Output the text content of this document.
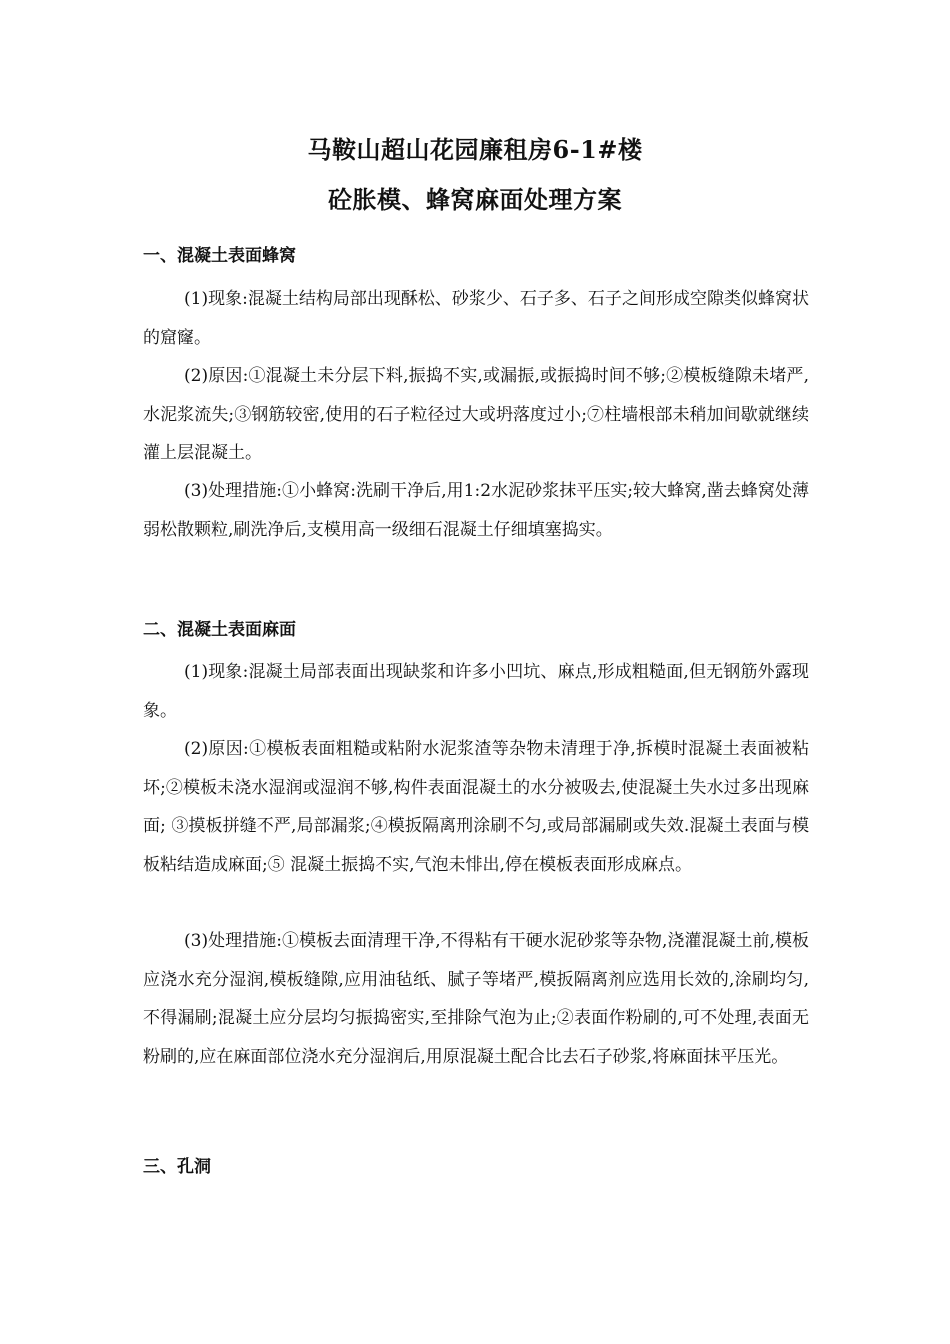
马鞍山超山花园廉租房6-1#楼
砼胀模、蜂窝麻面处理方案
一、混凝土表面蜂窝

(1)现象:混凝土结构局部出现酥松、砂浆少、石子多、石子之间形成空隙类似蜂窝状的窟窿。

(2)原因:①混凝土未分层下料,振捣不实,或漏振,或振捣时间不够;②模板缝隙未堵严,水泥浆流失;③钢筋较密,使用的石子粒径过大或坍落度过小;⑦柱墙根部未稍加间歇就继续灌上层混凝土。

(3)处理措施:①小蜂窝:洗刷干净后,用1:2水泥砂浆抹平压实;较大蜂窝,凿去蜂窝处薄弱松散颗粒,刷洗净后,支模用高一级细石混凝土仔细填塞捣实。

二、混凝土表面麻面

(1)现象:混凝土局部表面出现缺浆和许多小凹坑、麻点,形成粗糙面,但无钢筋外露现象。

(2)原因:①模板表面粗糙或粘附水泥浆渣等杂物未清理于净,拆模时混凝土表面被粘坏;②模板未浇水湿润或湿润不够,构件表面混凝土的水分被吸去,使混凝土失水过多出现麻面; ③摸板拼缝不严,局部漏浆;④模扳隔离刑涂刷不匀,或局部漏刷或失效.混凝土表面与模板粘结造成麻面;⑤ 混凝土振捣不实,气泡未悱出,停在模板表面形成麻点。

(3)处理措施:①模板去面清理干净,不得粘有干硬水泥砂浆等杂物,浇灌混凝土前,模板应浇水充分湿润,模板缝隙,应用油毡纸、腻子等堵严,模扳隔离剂应选用长效的,涂刷均匀,不得漏刷;混凝土应分层均匀振捣密实,至排除气泡为止;②表面作粉刷的,可不处理,表面无粉刷的,应在麻面部位浇水充分湿润后,用原混凝土配合比去石子砂浆,将麻面抹平压光。

三、孔洞
